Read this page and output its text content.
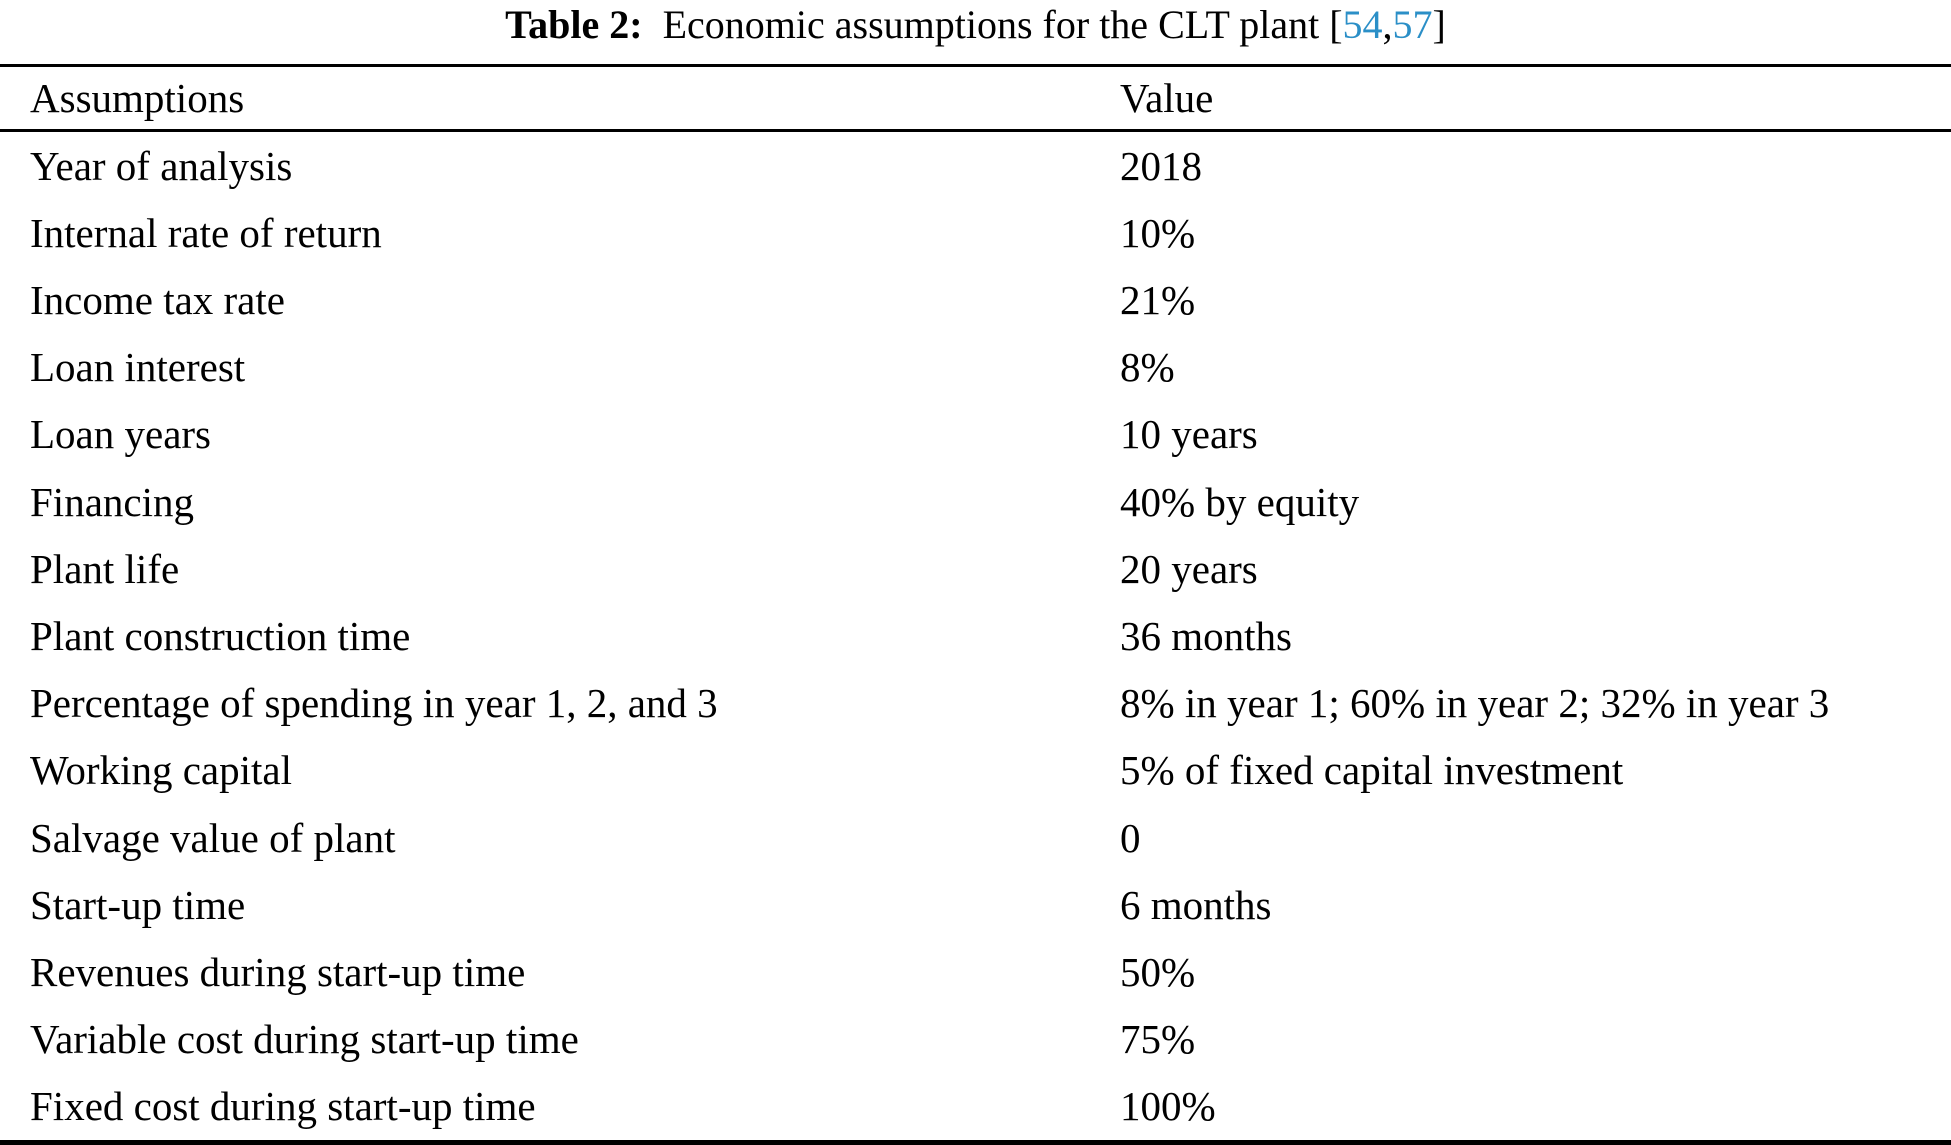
Table 2: Economic assumptions for the CLT plant [ 54 , 57 ]
Assumptions	Value
Year of analysis	2018
Internal rate of return	10%
Income tax rate	21%
Loan interest	8%
Loan years	10 years
Financing	40% by equity
Plant life	20 years
Plant construction time	36 months
Percentage of spending in year 1, 2, and 3	8% in year 1; 60% in year 2; 32% in year 3
Working capital	5% of fixed capital investment
Salvage value of plant	0
Start-up time	6 months
Revenues during start-up time	50%
Variable cost during start-up time	75%
Fixed cost during start-up time	100%
